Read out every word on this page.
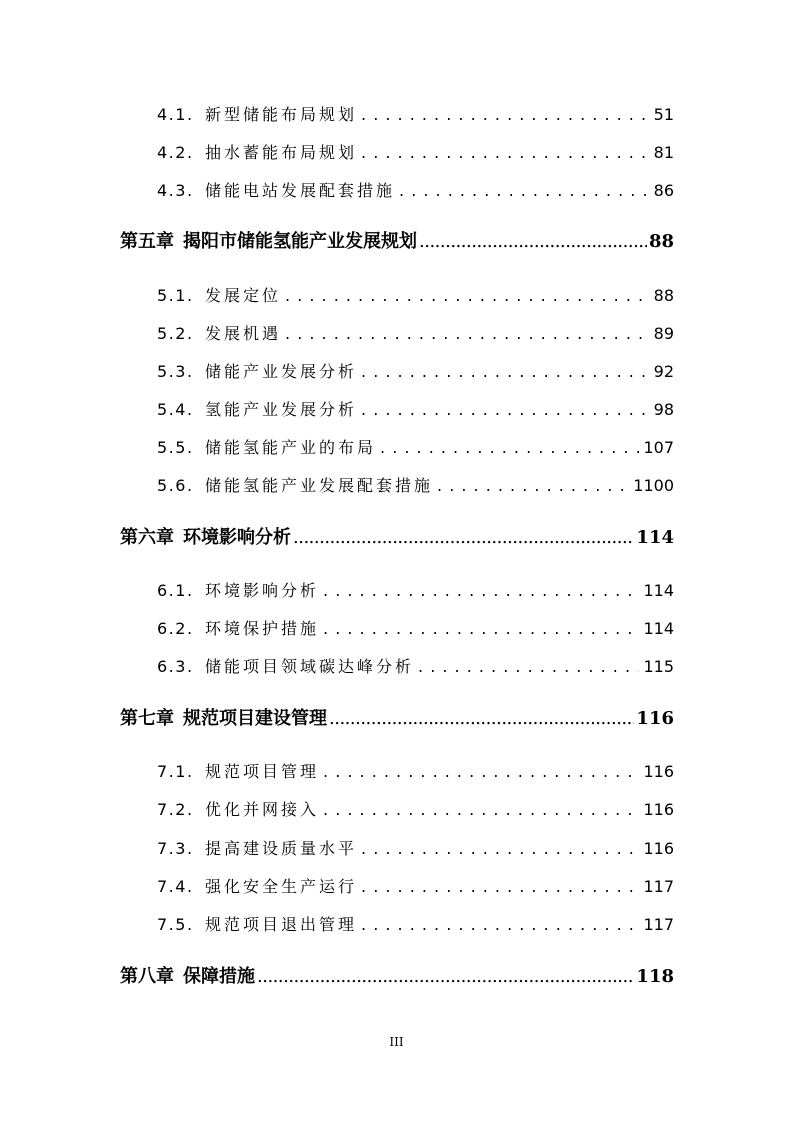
4.1. 新型储能布局规划 . . .	51
4.2. 抽水蓄能布局规划 . . .	81
4.3. 储能电站发展配套措施 . . .	86
第五章 揭阳市储能氢能产业发展规划 .....	88
5.1. 发展定位 . . .	88
5.2. 发展机遇 . . .	89
5.3. 储能产业发展分析 . . .	92
5.4. 氢能产业发展分析 . . .	98
5.5. 储能氢能产业的布局 . . .	107
5.6. 储能氢能产业发展配套措施 . . .	1100
第六章 环境影响分析 .....	114
6.1. 环境影响分析 . . .	114
6.2. 环境保护措施 . . .	114
6.3. 储能项目领域碳达峰分析 . . .	115
第七章 规范项目建设管理 .....	116
7.1. 规范项目管理 . . .	116
7.2. 优化并网接入 . . .	116
7.3. 提高建设质量水平 . . .	116
7.4. 强化安全生产运行 . . .	117
7.5. 规范项目退出管理 . . .	117
第八章 保障措施 .....	118
III
